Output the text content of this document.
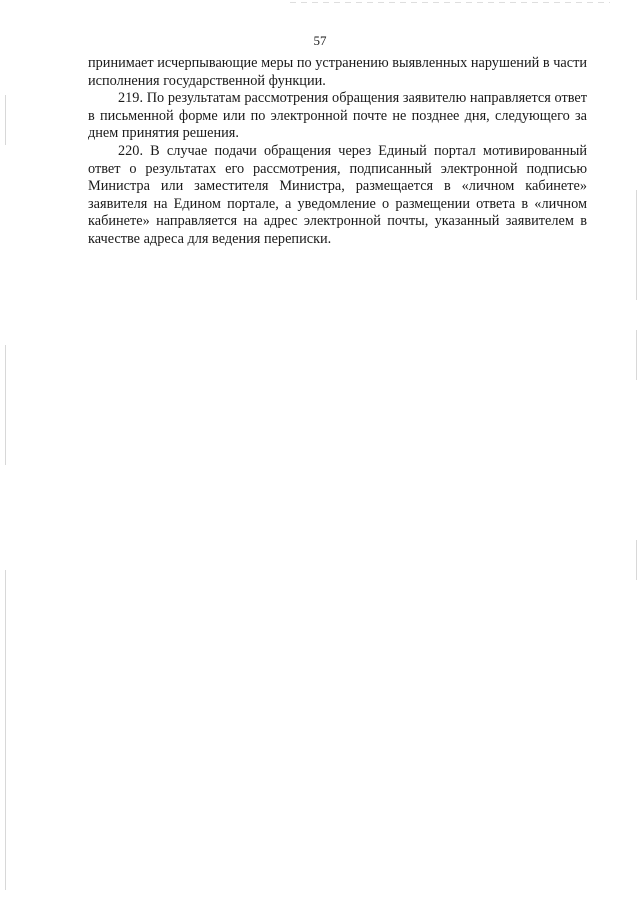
57

принимает исчерпывающие меры по устранению выявленных нарушений в части исполнения государственной функции.

219. По результатам рассмотрения обращения заявителю направляется ответ в письменной форме или по электронной почте не позднее дня, следующего за днем принятия решения.

220. В случае подачи обращения через Единый портал мотивированный ответ о результатах его рассмотрения, подписанный электронной подписью Министра или заместителя Министра, размещается в «личном кабинете» заявителя на Едином портале, а уведомление о размещении ответа в «личном кабинете» направляется на адрес электронной почты, указанный заявителем в качестве адреса для ведения переписки.
